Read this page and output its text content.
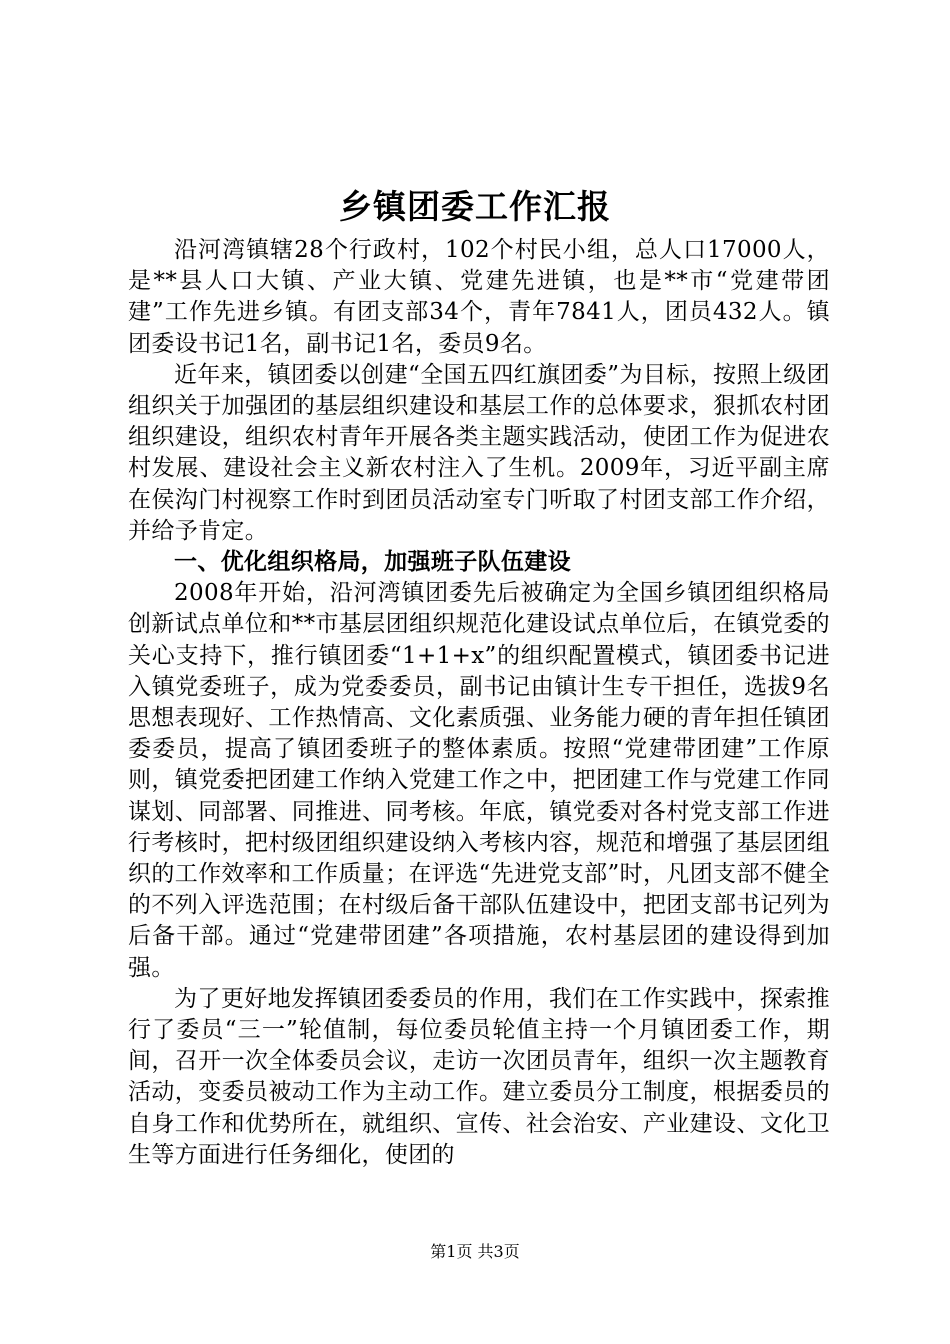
乡镇团委工作汇报

沿河湾镇辖28个行政村，102个村民小组，总人口17000人，是**县人口大镇、产业大镇、党建先进镇，也是**市“党建带团建”工作先进乡镇。有团支部34个，青年7841人，团员432人。镇团委设书记1名，副书记1名，委员9名。

近年来，镇团委以创建“全国五四红旗团委”为目标，按照上级团组织关于加强团的基层组织建设和基层工作的总体要求，狠抓农村团组织建设，组织农村青年开展各类主题实践活动，使团工作为促进农村发展、建设社会主义新农村注入了生机。2009年，习近平副主席在侯沟门村视察工作时到团员活动室专门听取了村团支部工作介绍，并给予肯定。

一、优化组织格局，加强班子队伍建设

2008年开始，沿河湾镇团委先后被确定为全国乡镇团组织格局创新试点单位和**市基层团组织规范化建设试点单位后，在镇党委的关心支持下，推行镇团委“1+1+x”的组织配置模式，镇团委书记进入镇党委班子，成为党委委员，副书记由镇计生专干担任，选拔9名思想表现好、工作热情高、文化素质强、业务能力硬的青年担任镇团委委员，提高了镇团委班子的整体素质。按照“党建带团建”工作原则，镇党委把团建工作纳入党建工作之中，把团建工作与党建工作同谋划、同部署、同推进、同考核。年底，镇党委对各村党支部工作进行考核时，把村级团组织建设纳入考核内容，规范和增强了基层团组织的工作效率和工作质量；在评选“先进党支部”时，凡团支部不健全的不列入评选范围；在村级后备干部队伍建设中，把团支部书记列为后备干部。通过“党建带团建”各项措施，农村基层团的建设得到加强。

为了更好地发挥镇团委委员的作用，我们在工作实践中，探索推行了委员“三一”轮值制，每位委员轮值主持一个月镇团委工作，期间，召开一次全体委员会议，走访一次团员青年，组织一次主题教育活动，变委员被动工作为主动工作。建立委员分工制度，根据委员的自身工作和优势所在，就组织、宣传、社会治安、产业建设、文化卫生等方面进行任务细化，使团的

第1页 共3页
